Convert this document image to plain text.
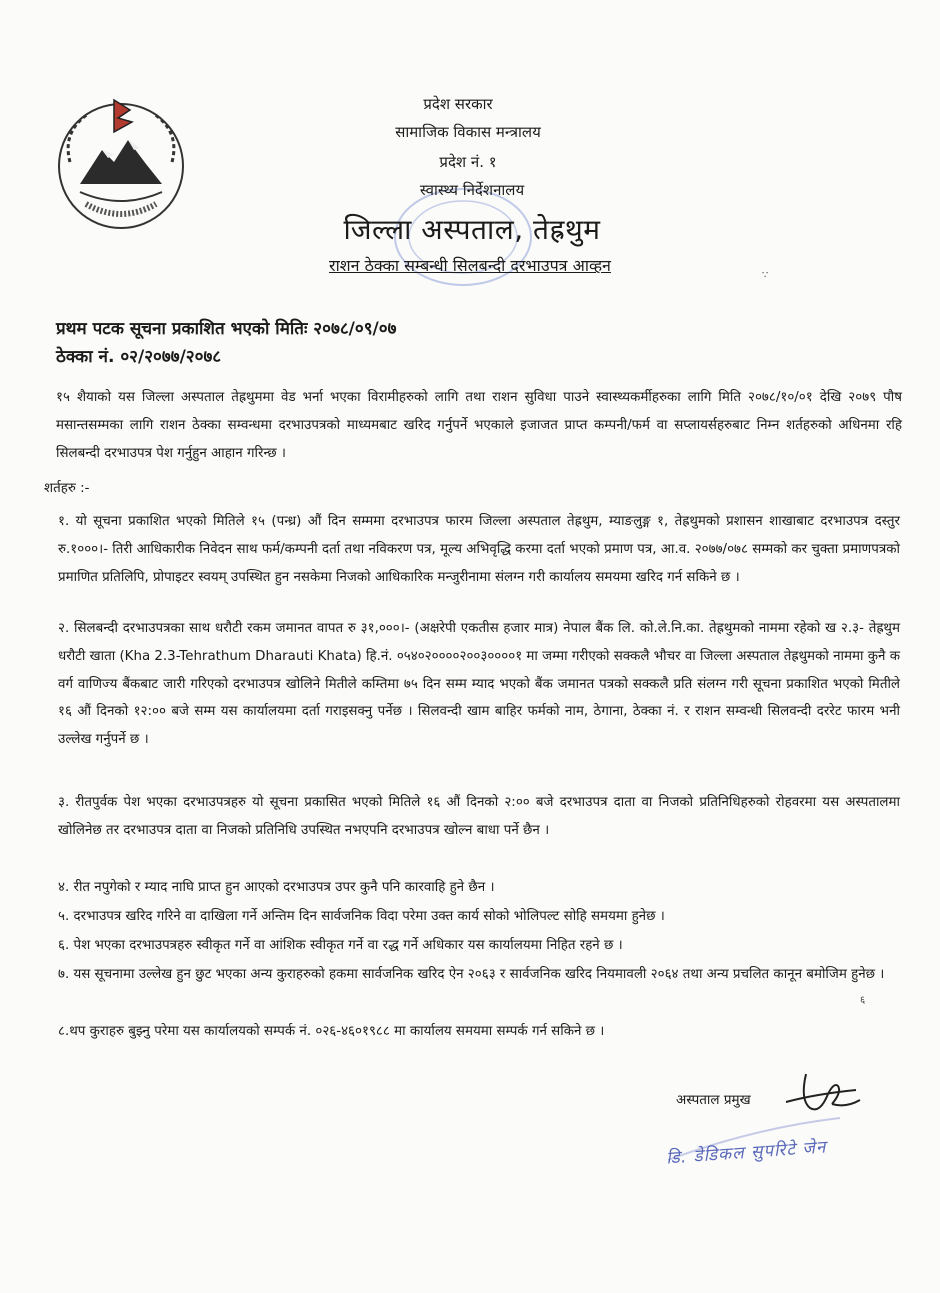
प्रदेश सरकार
सामाजिक विकास मन्त्रालय
प्रदेश नं. १
स्वास्थ्य निर्देशनालय
जिल्ला अस्पताल, तेह्रथुम
राशन ठेक्का सम्बन्धी सिलबन्दी दरभाउपत्र आव्हन
∵
प्रथम पटक सूचना प्रकाशित भएको मितिः २०७८/०९/०७
ठेक्का नं. ०२/२०७७/२०७८
१५ शैयाको यस जिल्ला अस्पताल तेह्रथुममा वेड भर्ना भएका विरामीहरुको लागि तथा राशन सुविधा पाउने स्वास्थ्यकर्मीहरुका लागि मिति २०७८/१०/०१ देखि २०७९ पौष मसान्तसम्मका लागि राशन ठेक्का सम्वन्धमा दरभाउपत्रको माध्यमबाट खरिद गर्नुपर्ने भएकाले इजाजत प्राप्त कम्पनी/फर्म वा सप्लायर्सहरुबाट निम्न शर्तहरुको अधिनमा रहि सिलबन्दी दरभाउपत्र पेश गर्नुहुन आहान गरिन्छ ।
शर्तहरु :-
१. यो सूचना प्रकाशित भएको मितिले १५ (पन्ध्र) औं दिन सम्ममा दरभाउपत्र फारम जिल्ला अस्पताल तेह्रथुम, म्याङलुङ्ग १, तेह्रथुमको प्रशासन शाखाबाट दरभाउपत्र दस्तुर रु.१०००।- तिरी आधिकारीक निवेदन साथ फर्म/कम्पनी दर्ता तथा नविकरण पत्र, मूल्य अभिवृद्धि करमा दर्ता भएको प्रमाण पत्र, आ.व. २०७७/०७८ सम्मको कर चुक्ता प्रमाणपत्रको प्रमाणित प्रतिलिपि, प्रोपाइटर स्वयम् उपस्थित हुन नसकेमा निजको आधिकारिक मन्जुरीनामा संलग्न गरी कार्यालय समयमा खरिद गर्न सकिने छ ।
२. सिलबन्दी दरभाउपत्रका साथ धरौटी रकम जमानत वापत रु ३१,०००।- (अक्षरेपी एकतीस हजार मात्र) नेपाल बैंक लि. को.ले.नि.का. तेह्रथुमको नाममा रहेको ख २.३- तेह्रथुम धरौटी खाता (Kha 2.3-Tehrathum Dharauti Khata) हि.नं. ०५४०२००००२००३००००१ मा जम्मा गरीएको सक्कलै भौचर वा जिल्ला अस्पताल तेह्रथुमको नाममा कुनै क वर्ग वाणिज्य बैंकबाट जारी गरिएको दरभाउपत्र खोलिने मितीले कम्तिमा ७५ दिन सम्म म्याद भएको बैंक जमानत पत्रको सक्कलै प्रति संलग्न गरी सूचना प्रकाशित भएको मितीले १६ औं दिनको १२:०० बजे सम्म यस कार्यालयमा दर्ता गराइसक्नु पर्नेछ । सिलवन्दी खाम बाहिर फर्मको नाम, ठेगाना, ठेक्का नं. र राशन सम्वन्धी सिलवन्दी दररेट फारम भनी उल्लेख गर्नुपर्ने छ ।
३. रीतपुर्वक पेश भएका दरभाउपत्रहरु यो सूचना प्रकासित भएको मितिले १६ औं दिनको २:०० बजे दरभाउपत्र दाता वा निजको प्रतिनिधिहरुको रोहवरमा यस अस्पतालमा खोलिनेछ तर दरभाउपत्र दाता वा निजको प्रतिनिधि उपस्थित नभएपनि दरभाउपत्र खोल्न बाधा पर्ने छैन ।
४. रीत नपुगेको र म्याद नाघि प्राप्त हुन आएको दरभाउपत्र उपर कुनै पनि कारवाहि हुने छैन ।
५. दरभाउपत्र खरिद गरिने वा दाखिला गर्ने अन्तिम दिन सार्वजनिक विदा परेमा उक्त कार्य सोको भोलिपल्ट सोहि समयमा हुनेछ ।
६. पेश भएका दरभाउपत्रहरु स्वीकृत गर्ने वा आंशिक स्वीकृत गर्ने वा रद्ध गर्ने अधिकार यस कार्यालयमा निहित रहने छ ।
७. यस सूचनामा उल्लेख हुन छुट भएका अन्य कुराहरुको हकमा सार्वजनिक खरिद ऐन २०६३ र सार्वजनिक खरिद नियमावली २०६४ तथा अन्य प्रचलित कानून बमोजिम हुनेछ ।
८.थप कुराहरु बुझ्नु परेमा यस कार्यालयको सम्पर्क नं. ०२६-४६०१९८८ मा कार्यालय समयमा सम्पर्क गर्न सकिने छ ।
६
अस्पताल प्रमुख
डि. डेडिकल सुपरिटे जेन
